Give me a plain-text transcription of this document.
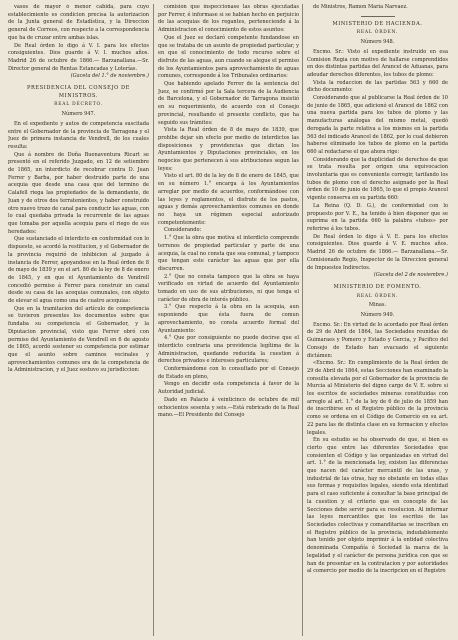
vasos de mayor ó menor cabida, para cuyo establecimiento es condicion precisa la autorizacion de la Junta general de Estadística, y la Direccion general de Correos, con respecto a la correspondencia que ha de cruzar entre ambas islas.

De Real órden lo digo á V. I. para los efectos consiguientes. Dios guarde á V. I. muchos años. Madrid 26 de octubre de 1866.— Barzanallana.—Sr. Director general de Rentas Estancadas y Loterías.

(Gaceta del 1.° de noviembre.)

PRESIDENCIA DEL CONSEJO DE MINISTROS.

REAL DECRETO.

Número 947.

En el expediente y autos de competencia suscitada entre el Gobernador de la provincia de Tarragona y el Juez de primera instancia de Vendrell, de los cuales resulta:

Que á nombre de Doña Buenaventura Ricart se presentó en el referido Juzgado, en 12 de setiembre de 1865, un interdicto de recobrar contra D. Juan Ferrer y Barba, por haber destruido parte de una acequia que desde una casa que del termino de Calafell riega las propiedades de la demandante, de Juan y de otros dos terratenientes, y haber construido otro nuevo trozo de canal para conducir las aguas, con lo cual quedaba privada la recurrente de las aguas que tomaba por aquella acequia para el riego de sus heredades:

Que sustanciado el interdicto en conformidad con lo dispuesto, se acordó la restitucion, y el Gobernador de la provincia requirió de inhibicion al juzgado á instancia de Ferrer, apoyandose en la Real órden de 8 de mayo de 1839 y en el art. 80 de la ley de 8 de enero de 1845, y en que el Ayuntamiento de Vendrell concedió permiso á Ferrer para construir un canal desde su casa de las acequias comunales, con objeto de elevar el agua como una de cuatro acequias:

Que en la tramitacion del artículo de competencia se tuvieron presentes los documentos sobre que fundaba su competencia el Gobernador, y la Diputacion provincial, visto que Ferrer obró con permiso del Ayuntamiento de Vendrell en 6 de agosto de 1865, acordó sostener su competencia por estimar que el asunto sobre caminos vecinales y aprovechamientos comunes era de la competencia de la Administracion, y el Juez sostuvo su jurisdiccion:

comision que inspeccionase las obras ejecutadas por Ferrer, é informase si se habian hecho en perjuicio de las acequias de los regantes, perteneciendo á la Administracion el conocimiento de estos asuntos:

Que el Juez se declaró competente fundandose en que se trataba de un asunto de propiedad particular, y en que el conocimiento de todo recurso sobre el disfrute de las aguas, aun cuando se alegue el permiso de los Ayuntamientos para aprovechamiento de aguas comunes, corresponde á los Tribunales ordinarios:

Que habiendo apelado Ferrer de la sentencia del Juez, se confirmó por la Sala tercera de la Audiencia de Barcelona, y el Gobernador de Tarragona insistió en su requerimiento, de acuerdo con el Consejo provincial, resultando el presente conflicto, que ha seguido sus trámites:

Vista la Real órden de 8 de mayo de 1839, que prohibe dejar sin efecto por medio de interdictos las disposiciones y providencias que dictan los Ayuntamientos y Diputaciones provinciales, en los negocios que pertenecen á sus atribuciones segun las leyes:

Visto el art. 80 de la ley de 8 de enero de 1845, que en su número 1.° encarga á los Ayuntamientos arreglar por medio de acuerdos, conformándose con las leyes y reglamentos, el disfrute de los pastos, aguas y demás aprovechamientos comunes en donde no haya un régimen especial autorizado competentemente:

Considerando:

1.° Que la obra que motiva el interdicto comprende terrenos de propiedad particular y parte de una acequia, la cual no consta que sea comunal, y tampoco que tengan este carácter las aguas que por ella discurren.

2.° Que no consta tampoco que la obra se haya verificado en virtud de acuerdo del Ayuntamiento tomado en uso de sus atribuciones, ni que tenga el carácter de obra de interés público.

3.° Que respecto á la obra en la acequia, aun suponiendo que ésta fuera de comun aprovechamiento, no consta acuerdo formal del Ayuntamiento:

4.° Que por consiguiente no puede decirse que el interdicto contraria una providencia legítima de la Administracion, quedando reducida la cuestion á derechos privados e intereses particulares;

Conformándome con lo consultado por el Consejo de Estado en pleno,

Vengo en decidir esta competencia á favor de la Autoridad judicial.

Dado en Palacio á veinticinco de octubre de mil ochocientos sesenta y seis.—Está rubricado de la Real mano.—El Presidente del Consejo

de Ministros, Ramon María Narvaez.

MINISTERIO DE HACIENDA.

REAL ÓRDEN.

Número 948.

Excmo. Sr.: Visto el expediente instruido en esa Comision Regia con motivo de hallarse comprendidos en dos distintas partidas del Arancel de Aduanas, para adeudar derechos diferentes, los tubos de plomo:

Vista la redaccion de las partidas 563 y 660 de dicho documento:

Considerando que al publicarse la Real órden de 10 de junio de 1865, que adicionó el Arancel de 1862 con una nueva partida para los tubos de plomo y las manufacturas análogas del mismo metal, quedó derogada la parte relativa a los mismos en la partida 563 del indicado Arancel de 1862, por lo cual debieron haberse eliminado los tubos de plomo en la partida 660 al redactarse el que ahora rige:

Considerando que la duplicidad de derechos de que se trata resulta por origen una equivocacion involuntaria que es conveniente corregir, tarifando los tubos de plomo con el derecho asignado por la Real órden de 10 de junio de 1865, lo que el propio Arancel vigente conserva en su partida 660:

La Reina (Q. D. G.), de conformidad con lo propuesto por V. E., ha tenido á bien disponer que se suprima en la partida 660 la palabra «tubos» por referirse á los tubos.

De Real órden lo digo á V. E. para los efectos consiguientes. Dios guarde á V. E. muchos años. Madrid 26 de octubre de 1866.— Barzanallana.—Sr. Comisionado Regio, Inspector de la Direccion general de Impuestos Indirectos.

(Gaceta del 2 de noviembre.)

MINISTERIO DE FOMENTO.

REAL ÓRDEN.

Minas.

Número 949.

Excmo. Sr.: En virtud de lo acordado por Real órden de 29 de Abril de 1864, las Sociedades reunidas de Guimaraes y Pomero y Estado y Gercia, y Pacifico del Consejo de Estado han evacuado el siguiente dictámen:

«Excmo. Sr.: En cumplimiento de la Real órden de 29 de Abril de 1864, estas Secciones han examinado la consulta elevada por el Gobernador de la provincia de Murcia al Ministerio del digno cargo de V. E. sobre si los escritos de sociedades mineras constituidas con arreglo al art. 1.° de la ley de 6 de julio de 1859 han de inscribirse en el Registro público de la provincia como se ordena en el Código de Comercio en su art. 22 para las de distinta clase en su formacion y efectos legales.

En su estudio se ha observado de que, si bien es cierto que entre las diferentes Sociedades que consienten el Código y las organizadas en virtud del art. 1.° de la mencionada ley, existen las diferencias que nacen del carácter mercantil de las unas, y industrial de las otras, hay no obstante en todas ellas sus formas y requisitos legales, siendo esta identidad para el caso suficiente á consultar la base principal de la cuestion y el criterio que en concepto de las Secciones debe servir para su resolucion. Al informar las leyes mercantiles que los escritos de las Sociedades colectivas y comanditarias se inscriban en el Registro público de la provincia, indudablemente han tenido por objeto imprimir á la entidad colectiva denominada Compañía ó Sociedad la marca de la legalidad y el carácter de persona jurídica con que se han de presentar en la contratacion y por autoridades al comercio por medio de la inscripcion en el Registro
